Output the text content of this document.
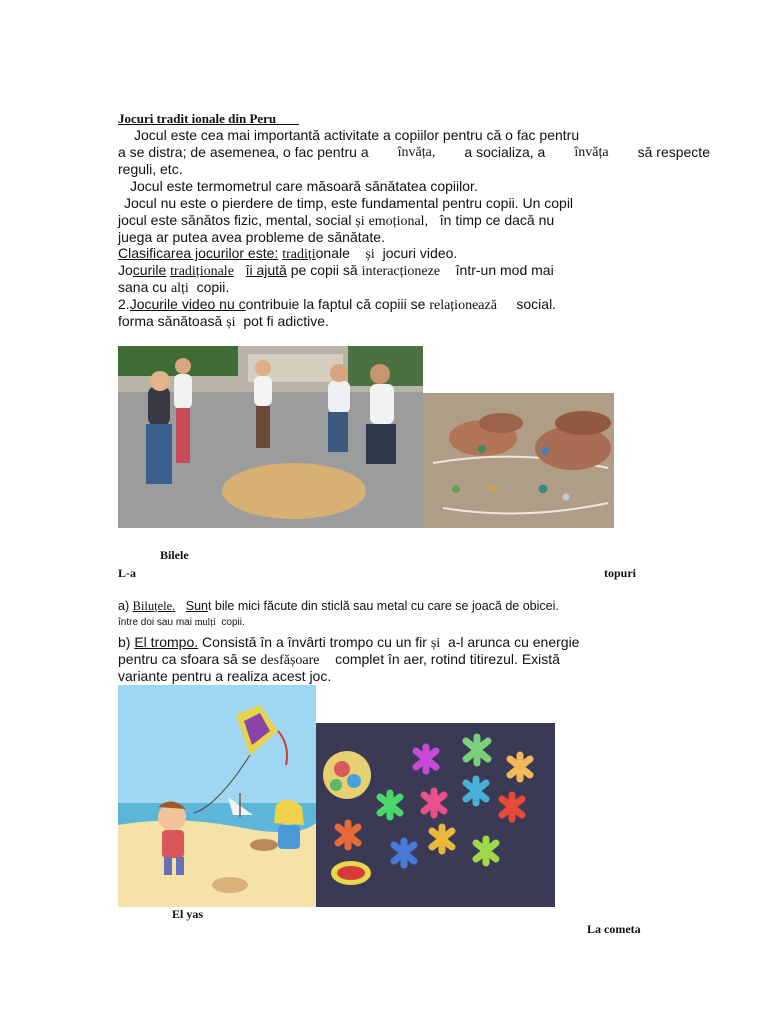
Jocuri tradit ionale din Peru
Jocul este cea mai importantă activitate a copiilor pentru că o fac pentru
a se distra; de asemenea, o fac pentru a învăța, a socializa, a învăța să respecte
reguli, etc.
Jocul este termometrul care măsoară sănătatea copiilor.
Jocul nu este o pierdere de timp, este fundamental pentru copii. Un copil
jocul este sănătos fizic, mental, social și emoțional, în timp ce dacă nu
juega ar putea avea probleme de sănătate.
Clasificarea jocurilor este: tradiționale și jocuri video.
Jocurile tradiționale îi ajută pe copii să interacționeze într-un mod mai
sana cu alți copii.
2.Jocurile video nu contribuie la faptul că copiii se relaționează social.
forma sănătoasă și pot fi adictive.
Bilele
L-a	topuri
a) Biluțele. Sunt bile mici făcute din sticlă sau metal cu care se joacă de obicei.
între doi sau mai mulți copii.
b) El trompo. Consistă în a învârti trompo cu un fir și a-l arunca cu energie
pentru ca sfoara să se desfășoare complet în aer, rotind titirezul. Există
variante pentru a realiza acest joc.
El yas
La cometa
